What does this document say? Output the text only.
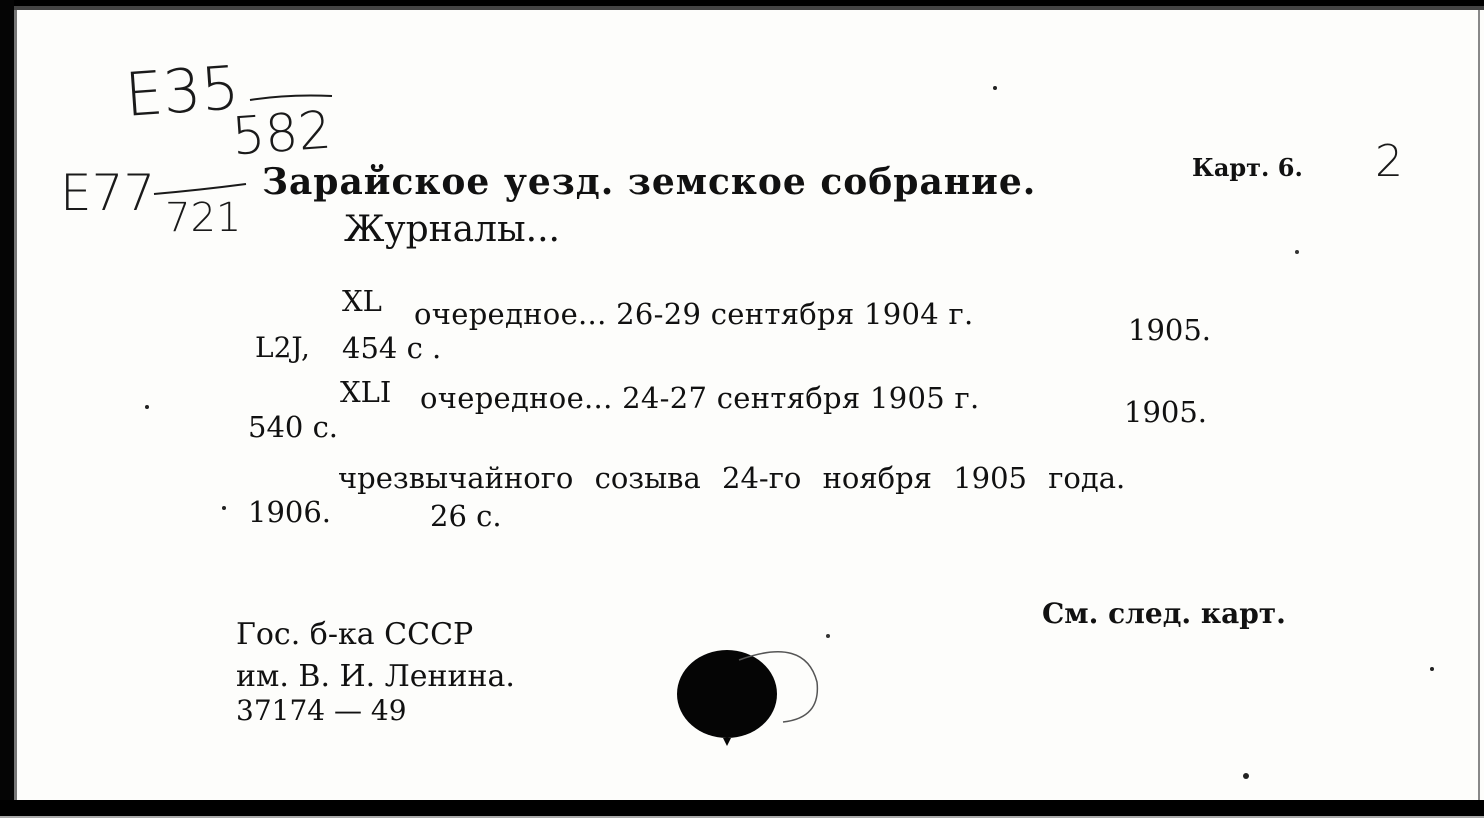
E35
582
E77 721
2
Карт. 6.
Зарайское уезд. земское собрание.
Журналы...
XL очередное... 26-29 сентября 1904 г.	1905.
L2J, 454 с .
XLI очередное... 24-27 сентября 1905 г.	1905.
540 с.
чрезвычайного созыва 24-го ноября 1905 года.
1906.	26 с.
Гос. б-ка СССР
им. В. И. Ленина.
37174 — 49
См. след. карт.
